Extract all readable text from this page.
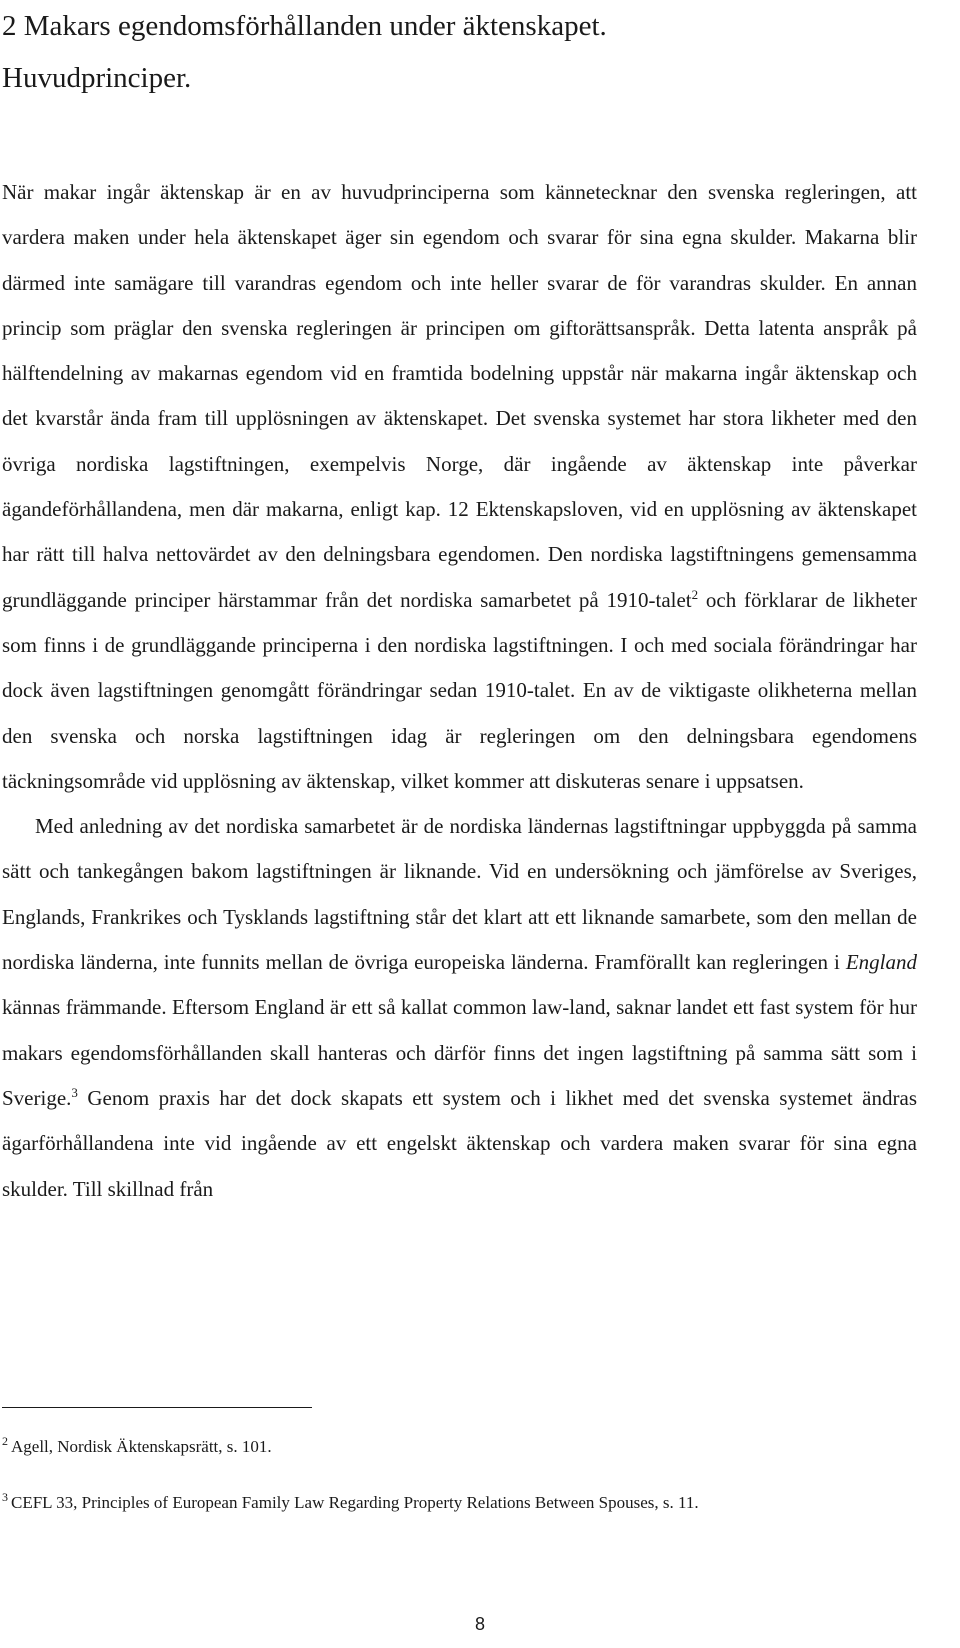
2 Makars egendomsförhållanden under äktenskapet.
Huvudprinciper.

När makar ingår äktenskap är en av huvudprinciperna som kännetecknar den svenska regleringen, att vardera maken under hela äktenskapet äger sin egendom och svarar för sina egna skulder. Makarna blir därmed inte samägare till varandras egendom och inte heller svarar de för varandras skulder. En annan princip som präglar den svenska regleringen är principen om giftorättsanspråk. Detta latenta anspråk på hälftendelning av makarnas egendom vid en framtida bodelning uppstår när makarna ingår äktenskap och det kvarstår ända fram till upplösningen av äktenskapet. Det svenska systemet har stora likheter med den övriga nordiska lagstiftningen, exempelvis Norge, där ingående av äktenskap inte påverkar ägandeförhållandena, men där makarna, enligt kap. 12 Ektenskapsloven, vid en upplösning av äktenskapet har rätt till halva nettovärdet av den delningsbara egendomen. Den nordiska lagstiftningens gemensamma grundläggande principer härstammar från det nordiska samarbetet på 1910-talet$^2$ och förklarar de likheter som finns i de grundläggande principerna i den nordiska lagstiftningen. I och med sociala förändringar har dock även lagstiftningen genomgått förändringar sedan 1910-talet. En av de viktigaste olikheterna mellan den svenska och norska lagstiftningen idag är regleringen om den delningsbara egendomens täckningsområde vid upplösning av äktenskap, vilket kommer att diskuteras senare i uppsatsen.

Med anledning av det nordiska samarbetet är de nordiska ländernas lagstiftningar uppbyggda på samma sätt och tankegången bakom lagstiftningen är liknande. Vid en undersökning och jämförelse av Sveriges, Englands, Frankrikes och Tysklands lagstiftning står det klart att ett liknande samarbete, som den mellan de nordiska länderna, inte funnits mellan de övriga europeiska länderna. Framförallt kan regleringen i England kännas främmande. Eftersom England är ett så kallat common law-land, saknar landet ett fast system för hur makars egendomsförhållanden skall hanteras och därför finns det ingen lagstiftning på samma sätt som i Sverige.$^3$ Genom praxis har det dock skapats ett system och i likhet med det svenska systemet ändras ägarförhållandena inte vid ingående av ett engelskt äktenskap och vardera maken svarar för sina egna skulder. Till skillnad från

$^2$ Agell, Nordisk Äktenskapsrätt, s. 101.
$^3$ CEFL 33, Principles of European Family Law Regarding Property Relations Between Spouses, s. 11.
8
